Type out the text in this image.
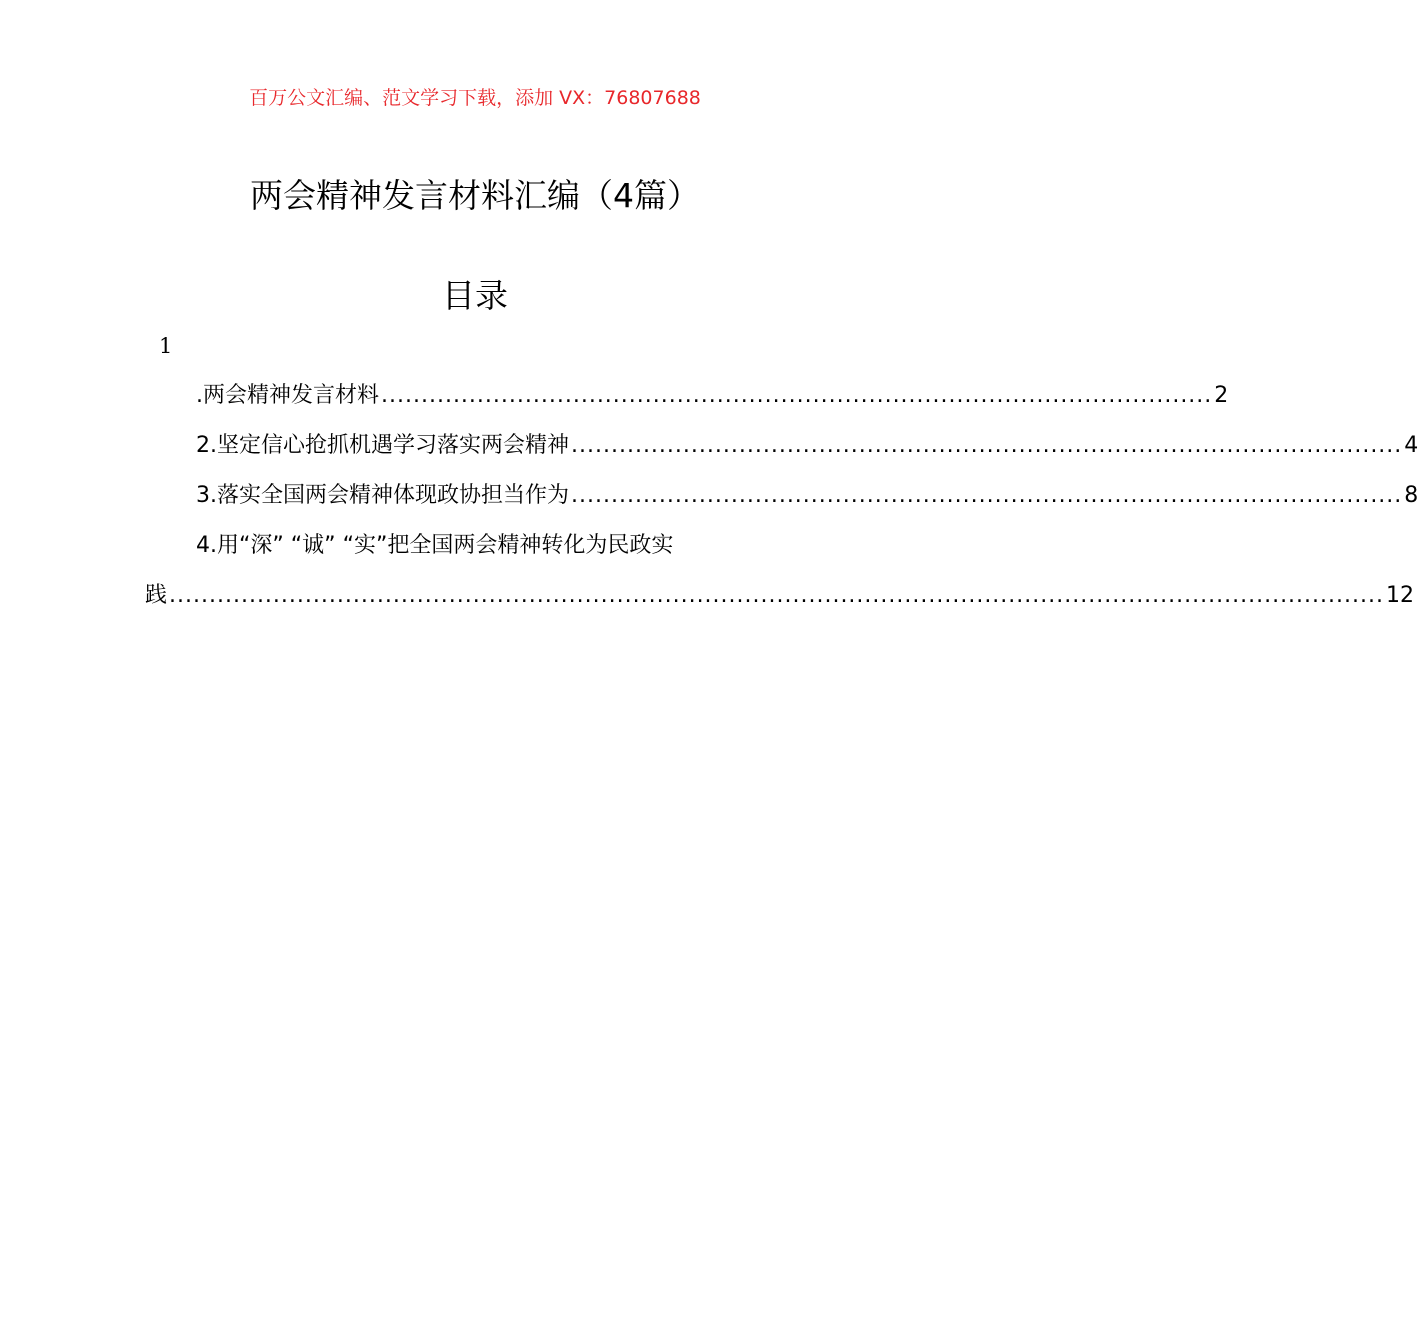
百万公文汇编、范文学习下载，添加 VX：76807688
两会精神发言材料汇编（4篇）
目录
1
.两会精神发言材料 ........................................................................................................ 2
2.坚定信心抢抓机遇学习落实两会精神 ........................................................................................................ 4
3.落实全国两会精神体现政协担当作为 ........................................................................................................ 8
4.用“深” “诚” “实”把全国两会精神转化为民政实
践 ........................................................................................................................................................ 12
